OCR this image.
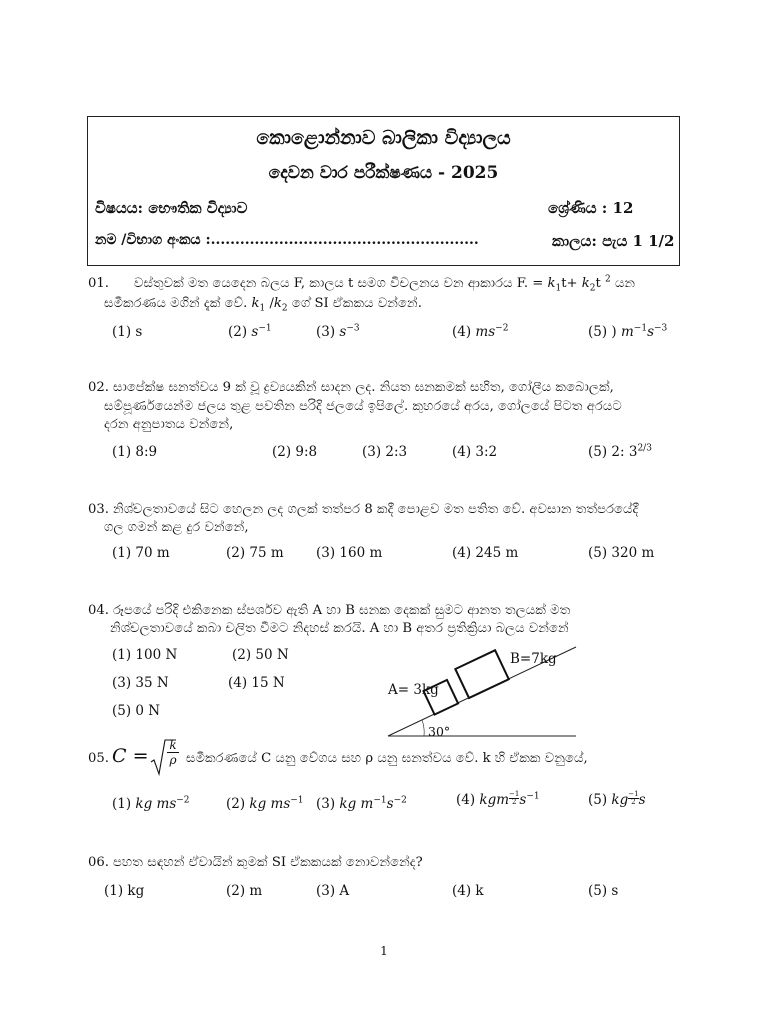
කොළොන්නාව බාලිකා විද්‍යාලය
දෙවන වාර පරීක්ෂණය - 2025
විෂයය: භෞතික විද්‍යාව	ශ්‍රේණිය : 12
නම /විභාග අංකය :.......................................................	කාලය: පැය 1 1/2
01. වස්තුවක් මත යෙදෙන බලය F, කාලය t සමග විචලනය වන ආකාරය F. = $k_1t+ k_2t$ $^2$ යන
සමීකරණය මගින් දැක් වේ. $k_1$ $/k_2$ ගේ SI ඒකකය වන්නේ.
(1) s	(2) $s^{-1}$	(3) $s^{-3}$	(4) $ms^{-2}$	(5) ) $m^{-1}s^{-3}$
02. සාපේක්ෂ ඝනත්වය 9 ක් වූ ද්‍රව්‍යයකින් සාදන ලද. නියත ඝනකමක් සහිත, ගෝලීය කබොලක්,
සම්පූර්ණයෙන්ම ජලය තුළ පවතින පරිදි ජලයේ ඉපිලේ. කුහරයේ අරය, ගෝලයේ පිටත අරයට
දරන අනුපාතය වන්නේ,
(1) 8:9	(2) 9:8	(3) 2:3	(4) 3:2	(5) 2: $3^{2/3}$
03. නිශ්චලතාවයේ සිට හෙලන ලද ගලක් තත්පර 8 කදී පොළව මත පතිත වේ. අවසාන තත්පරයේදී
ගල ගමන් කළ දුර වන්නේ,
(1) 70 m	(2) 75 m (3) 160 m	(4) 245 m	(5) 320 m
04. රූපයේ පරිදි එකිනෙක ස්පර්ශව ඇති A හා B ඝනක දෙකක් සුමට ආනත තලයක් මත
නිශ්චලතාවයේ කබා චලිත වීමට නිදහස් කරයි. A හා B අතර ප්‍රතික්‍රියා බලය වන්නේ
(1) 100 N	(2) 50 N
(3) 35 N	(4) 15 N
(5) 0 N
A= 3kg
B=7kg
30°
05. C = k
ρ සමීකරණයේ C යනු වේගය සහ ρ යනු ඝනත්වය වේ. k හි ඒකක වනුයේ,
(1) kg $ms^{-2}$	(2) kg $ms^{-1}$ (3) kg $m^{-1}s^{-2}$	(4) kgm $\frac{-1}{2} s^{-1}$	(5) kg $\frac{-1}{2}$ s
06. පහත සඳහන් ඒවායින් කුමක් SI ඒකකයක් නොවන්නේද?
(1) kg	(2) m	(3) A	(4) k	(5) s
1
